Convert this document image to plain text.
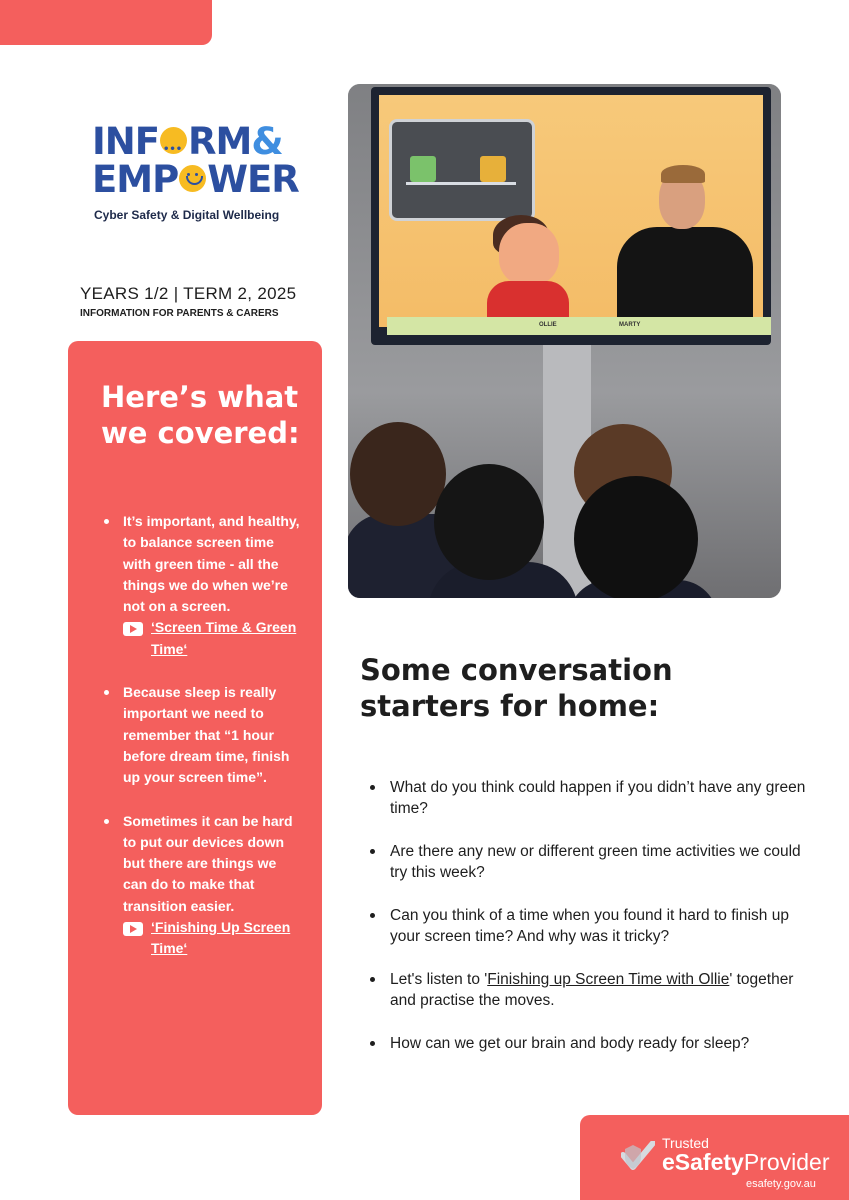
INF••• RM&
EMP WER
Cyber Safety & Digital Wellbeing
YEARS 1/2 | TERM 2, 2025
INFORMATION FOR PARENTS & CARERS
Here’s what we covered:
It’s important, and healthy, to balance screen time with green time - all the things we do when we’re not on a screen.
‘Screen Time & Green Time‘
Because sleep is really important we need to remember that “1 hour before dream time, finish up your screen time”.
Sometimes it can be hard to put our devices down but there are things we can do to make that transition easier.
‘Finishing Up Screen Time‘
OLLIE	MARTY
Some conversation starters for home:
What do you think could happen if you didn’t have any green time?
Are there any new or different green time activities we could try this week?
Can you think of a time when you found it hard to finish up your screen time? And why was it tricky?
Let's listen to 'Finishing up Screen Time with Ollie' together and practise the moves.
How can we get our brain and body ready for sleep?
Trusted
eSafetyProvider
esafety.gov.au
